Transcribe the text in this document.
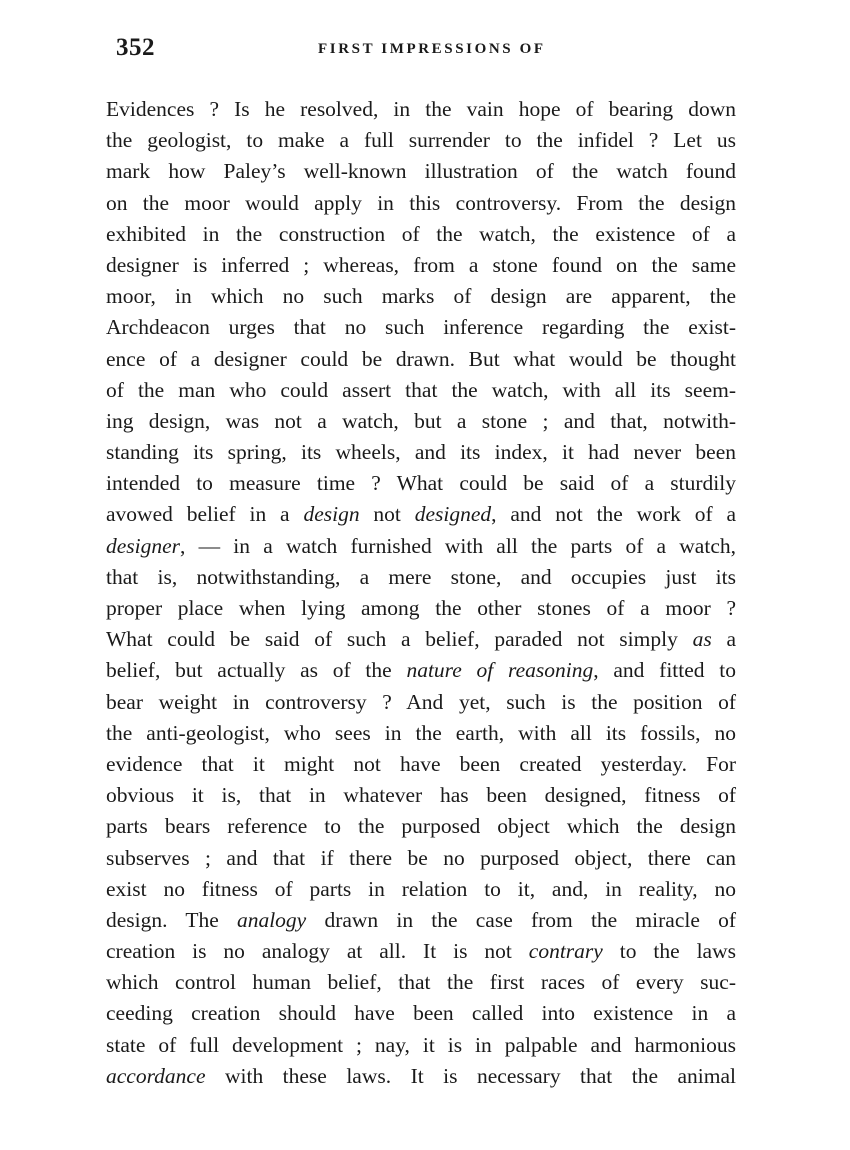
352	FIRST IMPRESSIONS OF
Evidences ? Is he resolved, in the vain hope of bearing down
the geologist, to make a full surrender to the infidel ? Let us
mark how Paley’s well-known illustration of the watch found
on the moor would apply in this controversy. From the design
exhibited in the construction of the watch, the existence of a
designer is inferred ; whereas, from a stone found on the same
moor, in which no such marks of design are apparent, the
Archdeacon urges that no such inference regarding the exist-
ence of a designer could be drawn. But what would be thought
of the man who could assert that the watch, with all its seem-
ing design, was not a watch, but a stone ; and that, notwith-
standing its spring, its wheels, and its index, it had never been
intended to measure time ? What could be said of a sturdily
avowed belief in a design not designed, and not the work of a
designer, — in a watch furnished with all the parts of a watch,
that is, notwithstanding, a mere stone, and occupies just its
proper place when lying among the other stones of a moor ?
What could be said of such a belief, paraded not simply as a
belief, but actually as of the nature of reasoning, and fitted to
bear weight in controversy ? And yet, such is the position of
the anti-geologist, who sees in the earth, with all its fossils, no
evidence that it might not have been created yesterday. For
obvious it is, that in whatever has been designed, fitness of
parts bears reference to the purposed object which the design
subserves ; and that if there be no purposed object, there can
exist no fitness of parts in relation to it, and, in reality, no
design. The analogy drawn in the case from the miracle of
creation is no analogy at all. It is not contrary to the laws
which control human belief, that the first races of every suc-
ceeding creation should have been called into existence in a
state of full development ; nay, it is in palpable and harmonious
accordance with these laws. It is necessary that the animal
